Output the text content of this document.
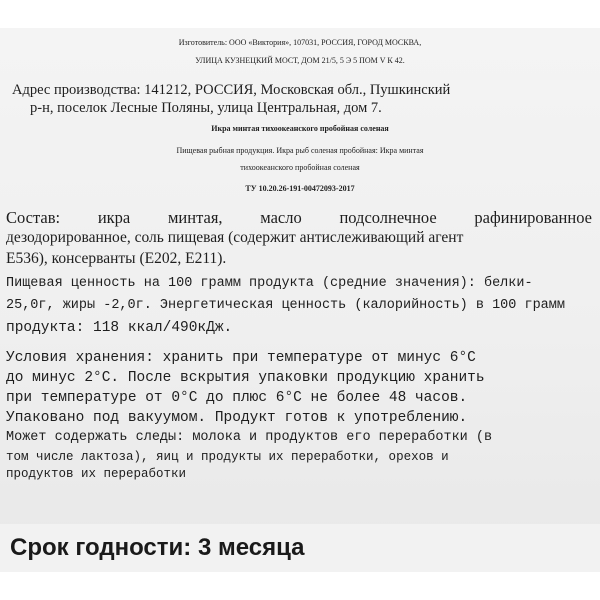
Изготовитель: ООО «Виктория», 107031, РОССИЯ, ГОРОД МОСКВА,
УЛИЦА КУЗНЕЦКИЙ МОСТ, ДОМ 21/5, 5 Э 5 ПОМ V К 42.
Адрес производства: 141212, РОССИЯ, Московская обл., Пушкинский
р-н, поселок Лесные Поляны, улица Центральная, дом 7.
Икра минтая тихоокеанского пробойная соленая
Пищевая рыбная продукция. Икра рыб соленая пробойная: Икра минтая
тихоокеанского пробойная соленая
ТУ 10.20.26-191-00472093-2017
Состав: икра минтая, масло подсолнечное рафинированное
дезодорированное, соль пищевая (содержит антислеживающий агент
Е536), консерванты (Е202, Е211).
Пищевая ценность на 100 грамм продукта (средние значения): белки-
25,0г, жиры -2,0г. Энергетическая ценность (калорийность) в 100 грамм
продукта: 118 ккал/490кДж.
Условия хранения: хранить при температуре от минус 6°С
до минус 2°С. После вскрытия упаковки продукцию хранить
при температуре от 0°С до плюс 6°С не более 48 часов.
Упаковано под вакуумом. Продукт готов к употреблению.
Может содержать следы: молока и продуктов его переработки (в
том числе лактоза), яиц и продукты их переработки, орехов и
продуктов их переработки
Срок годности: 3 месяца
